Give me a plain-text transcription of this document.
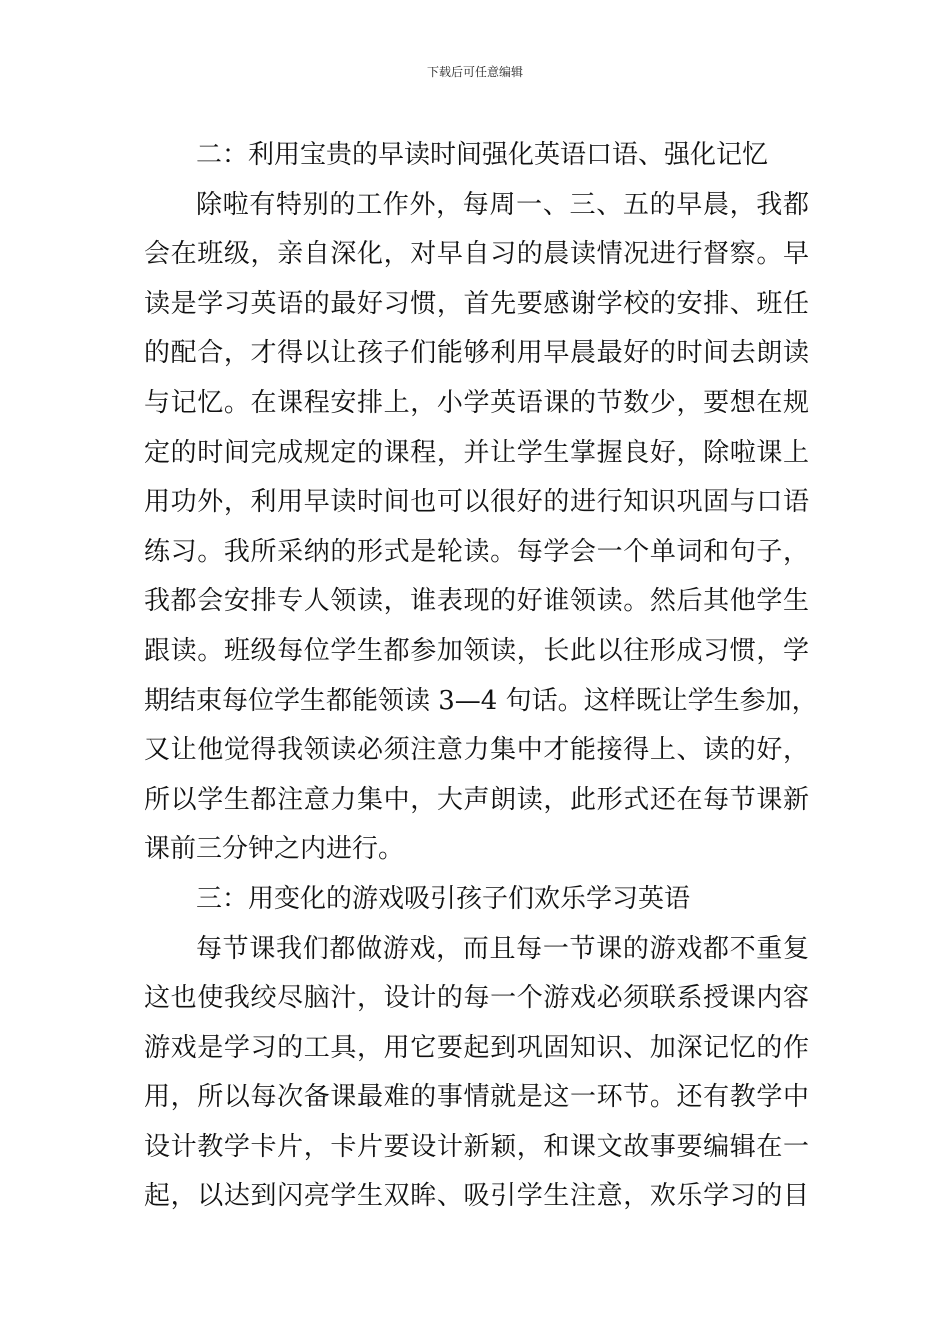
下载后可任意编辑
二：利用宝贵的早读时间强化英语口语、强化记忆
除啦有特别的工作外，每周一、三、五的早晨，我都
会在班级，亲自深化，对早自习的晨读情况进行督察。早
读是学习英语的最好习惯，首先要感谢学校的安排、班任
的配合，才得以让孩子们能够利用早晨最好的时间去朗读
与记忆。在课程安排上，小学英语课的节数少，要想在规
定的时间完成规定的课程，并让学生掌握良好，除啦课上
用功外，利用早读时间也可以很好的进行知识巩固与口语
练习。我所采纳的形式是轮读。每学会一个单词和句子，
我都会安排专人领读，谁表现的好谁领读。然后其他学生
跟读。班级每位学生都参加领读，长此以往形成习惯，学
期结束每位学生都能领读 3—4 句话。这样既让学生参加，
又让他觉得我领读必须注意力集中才能接得上、读的好，
所以学生都注意力集中，大声朗读，此形式还在每节课新
课前三分钟之内进行。
三：用变化的游戏吸引孩子们欢乐学习英语
每节课我们都做游戏，而且每一节课的游戏都不重复
这也使我绞尽脑汁，设计的每一个游戏必须联系授课内容
游戏是学习的工具，用它要起到巩固知识、加深记忆的作
用，所以每次备课最难的事情就是这一环节。还有教学中
设计教学卡片，卡片要设计新颖，和课文故事要编辑在一
起，以达到闪亮学生双眸、吸引学生注意，欢乐学习的目
